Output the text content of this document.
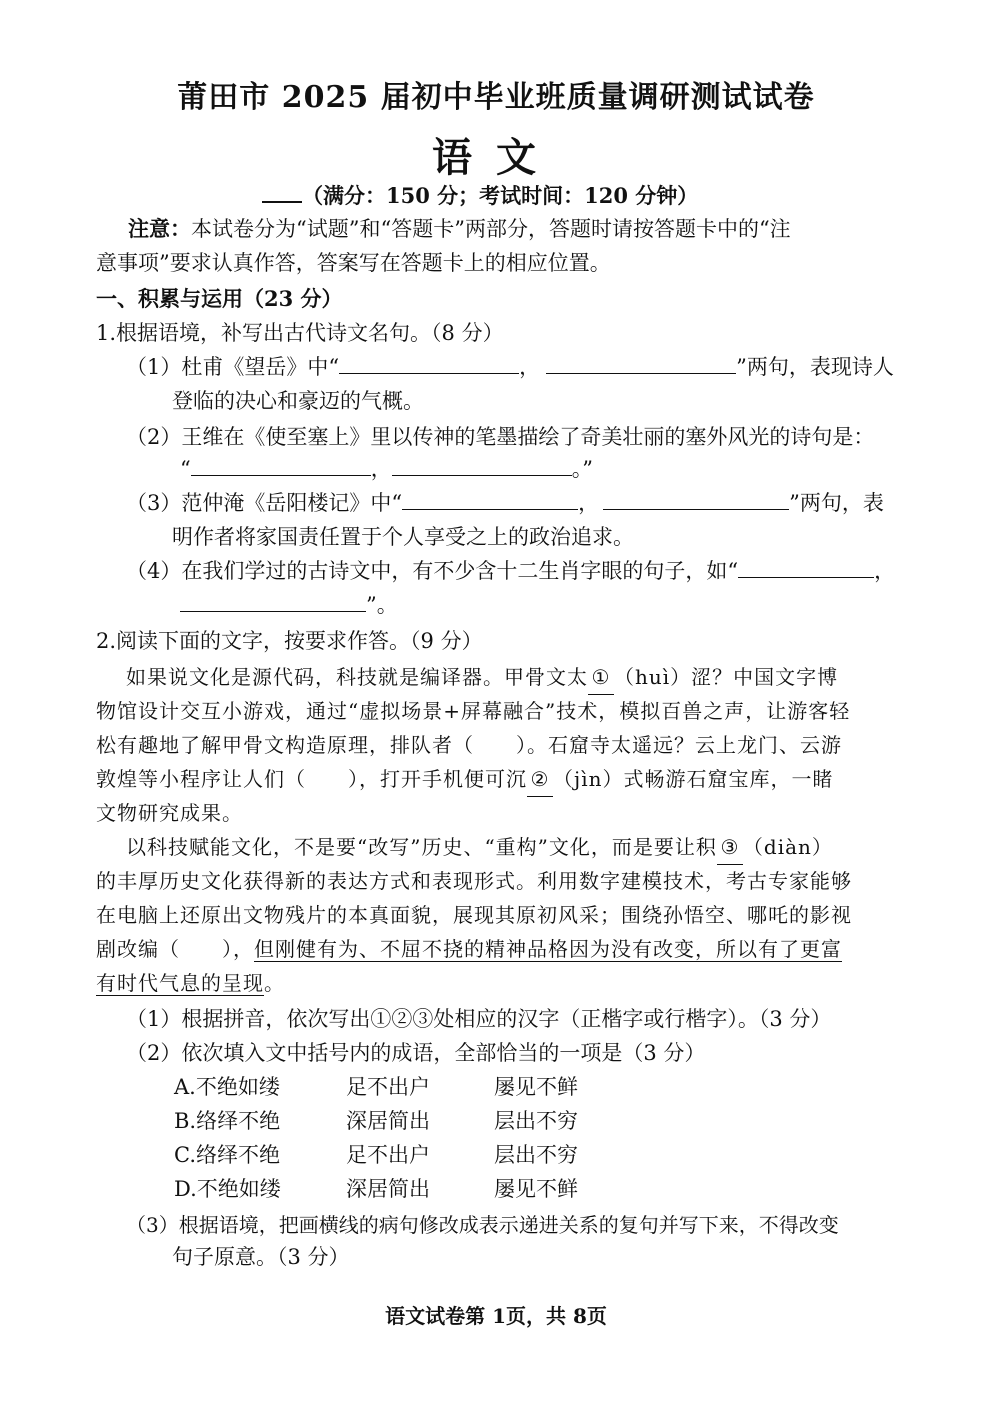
莆田市 2025 届初中毕业班质量调研测试试卷
语文
（满分：150 分；考试时间：120 分钟）
注意：本试卷分为“试题”和“答题卡”两部分，答题时请按答题卡中的“注
意事项”要求认真作答，答案写在答题卡上的相应位置。
一、积累与运用（23 分）
1.根据语境，补写出古代诗文名句。（8 分）
（1）杜甫《望岳》中“	，	”两句，表现诗人
登临的决心和豪迈的气概。
（2）王维在《使至塞上》里以传神的笔墨描绘了奇美壮丽的塞外风光的诗句是：
“	，	。”
（3）范仲淹《岳阳楼记》中“	，	”两句，表
明作者将家国责任置于个人享受之上的政治追求。
（4）在我们学过的古诗文中，有不少含十二生肖字眼的句子，如“	，
”。
2.阅读下面的文字，按要求作答。（9 分）
如果说文化是源代码，科技就是编译器。甲骨文太 ① （huì）涩？中国文字博
物馆设计交互小游戏，通过“虚拟场景+屏幕融合”技术，模拟百兽之声，让游客轻
松有趣地了解甲骨文构造原理，排队者（　　）。石窟寺太遥远？云上龙门、云游
敦煌等小程序让人们（　　），打开手机便可沉 ② （jìn）式畅游石窟宝库，一睹
文物研究成果。
以科技赋能文化，不是要“改写”历史、“重构”文化，而是要让积 ③ （diàn）
的丰厚历史文化获得新的表达方式和表现形式。利用数字建模技术，考古专家能够
在电脑上还原出文物残片的本真面貌，展现其原初风采；围绕孙悟空、哪吒的影视
剧改编（　　），但刚健有为、不屈不挠的精神品格因为没有改变，所以有了更富
有时代气息的呈现。
（1）根据拼音，依次写出①②③处相应的汉字（正楷字或行楷字）。（3 分）
（2）依次填入文中括号内的成语，全部恰当的一项是（3 分）
A.不绝如缕	足不出户	屡见不鲜
B.络绎不绝	深居简出	层出不穷
C.络绎不绝	足不出户	层出不穷
D.不绝如缕	深居简出	屡见不鲜
（3）根据语境，把画横线的病句修改成表示递进关系的复句并写下来，不得改变
句子原意。（3 分）
语文试卷第 1页，共 8页
